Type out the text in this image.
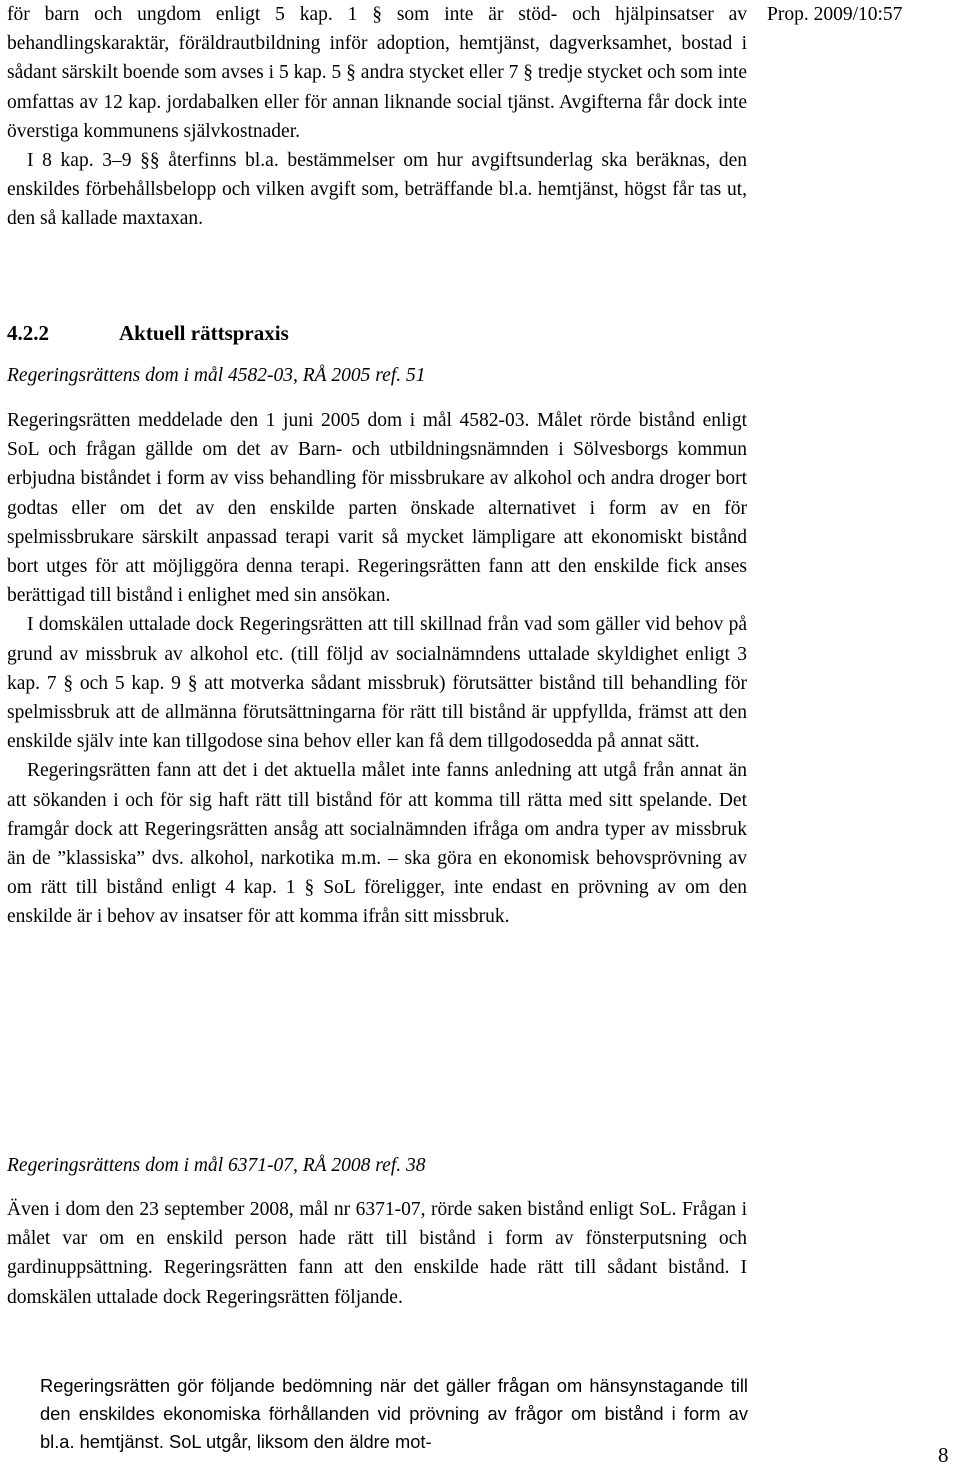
Prop. 2009/10:57

för barn och ungdom enligt 5 kap. 1 § som inte är stöd- och hjälpinsatser av behandlingskaraktär, föräldrautbildning inför adoption, hemtjänst, dagverksamhet, bostad i sådant särskilt boende som avses i 5 kap. 5 § andra stycket eller 7 § tredje stycket och som inte omfattas av 12 kap. jordabalken eller för annan liknande social tjänst. Avgifterna får dock inte överstiga kommunens självkostnader.

I 8 kap. 3–9 §§ återfinns bl.a. bestämmelser om hur avgiftsunderlag ska beräknas, den enskildes förbehållsbelopp och vilken avgift som, beträffande bl.a. hemtjänst, högst får tas ut, den så kallade maxtaxan.

4.2.2	Aktuell rättspraxis
Regeringsrättens dom i mål 4582-03, RÅ 2005 ref. 51

Regeringsrätten meddelade den 1 juni 2005 dom i mål 4582-03. Målet rörde bistånd enligt SoL och frågan gällde om det av Barn- och utbildningsnämnden i Sölvesborgs kommun erbjudna biståndet i form av viss behandling för missbrukare av alkohol och andra droger bort godtas eller om det av den enskilde parten önskade alternativet i form av en för spelmissbrukare särskilt anpassad terapi varit så mycket lämpligare att ekonomiskt bistånd bort utges för att möjliggöra denna terapi. Regeringsrätten fann att den enskilde fick anses berättigad till bistånd i enlighet med sin ansökan.

I domskälen uttalade dock Regeringsrätten att till skillnad från vad som gäller vid behov på grund av missbruk av alkohol etc. (till följd av socialnämndens uttalade skyldighet enligt 3 kap. 7 § och 5 kap. 9 § att motverka sådant missbruk) förutsätter bistånd till behandling för spelmissbruk att de allmänna förutsättningarna för rätt till bistånd är uppfyllda, främst att den enskilde själv inte kan tillgodose sina behov eller kan få dem tillgodosedda på annat sätt.

Regeringsrätten fann att det i det aktuella målet inte fanns anledning att utgå från annat än att sökanden i och för sig haft rätt till bistånd för att komma till rätta med sitt spelande. Det framgår dock att Regeringsrätten ansåg att socialnämnden ifråga om andra typer av missbruk än de ”klassiska” dvs. alkohol, narkotika m.m. – ska göra en ekonomisk behovsprövning av om rätt till bistånd enligt 4 kap. 1 § SoL föreligger, inte endast en prövning av om den enskilde är i behov av insatser för att komma ifrån sitt missbruk.

Regeringsrättens dom i mål 6371-07, RÅ 2008 ref. 38

Även i dom den 23 september 2008, mål nr 6371-07, rörde saken bistånd enligt SoL. Frågan i målet var om en enskild person hade rätt till bistånd i form av fönsterputsning och gardinuppsättning. Regeringsrätten fann att den enskilde hade rätt till sådant bistånd. I domskälen uttalade dock Regeringsrätten följande.

Regeringsrätten gör följande bedömning när det gäller frågan om hänsynstagande till den enskildes ekonomiska förhållanden vid prövning av frågor om bistånd i form av bl.a. hemtjänst. SoL utgår, liksom den äldre mot-
8
